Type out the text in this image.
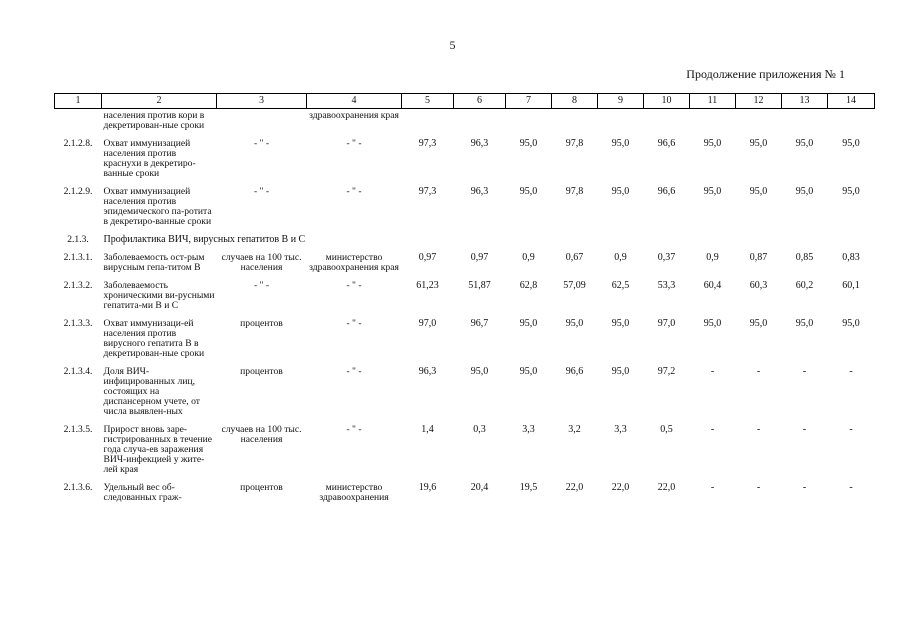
5
Продолжение приложения № 1
1	2	3	4	5	6	7	8	9	10	11	12	13	14
	населения против кори в декретирован-ные сроки		здравоохранения края										
2.1.2.8.	Охват иммунизацией населения против краснухи в декретиро-ванные сроки	- " -	- " -	97,3	96,3	95,0	97,8	95,0	96,6	95,0	95,0	95,0	95,0
2.1.2.9.	Охват иммунизацией населения против эпидемического па-ротита в декретиро-ванные сроки	- " -	- " -	97,3	96,3	95,0	97,8	95,0	96,6	95,0	95,0	95,0	95,0
2.1.3.	Профилактика ВИЧ, вирусных гепатитов В и С												
2.1.3.1.	Заболеваемость ост-рым вирусным гепа-титом В	случаев на 100 тыс. населения	министерство здравоохранения края	0,97	0,97	0,9	0,67	0,9	0,37	0,9	0,87	0,85	0,83
2.1.3.2.	Заболеваемость хроническими ви-русными гепатита-ми В и С	- " -	- " -	61,23	51,87	62,8	57,09	62,5	53,3	60,4	60,3	60,2	60,1
2.1.3.3.	Охват иммунизаци-ей населения против вирусного гепатита В в декретирован-ные сроки	процентов	- " -	97,0	96,7	95,0	95,0	95,0	97,0	95,0	95,0	95,0	95,0
2.1.3.4.	Доля ВИЧ-инфицированных лиц, состоящих на диспансерном учете, от числа выявлен-ных	процентов	- " -	96,3	95,0	95,0	96,6	95,0	97,2	-	-	-	-
2.1.3.5.	Прирост вновь заре-гистрированных в течение года случа-ев заражения ВИЧ-инфекцией у жите-лей края	случаев на 100 тыс. населения	- " -	1,4	0,3	3,3	3,2	3,3	0,5	-	-	-	-
2.1.3.6.	Удельный вес об-следованных граж-	процентов	министерство здравоохранения	19,6	20,4	19,5	22,0	22,0	22,0	-	-	-	-
